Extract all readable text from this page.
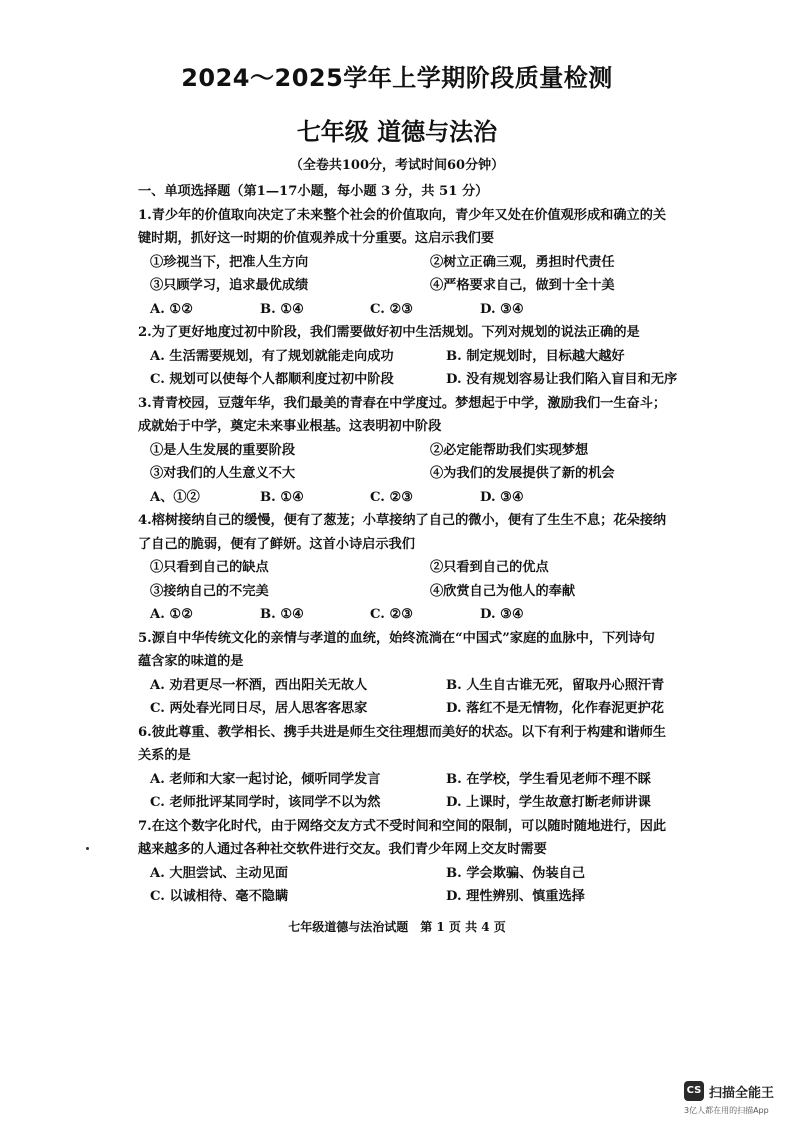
2024～2025学年上学期阶段质量检测
七年级 道德与法治
（全卷共100分，考试时间60分钟）
一、单项选择题（第1—17小题，每小题 3 分，共 51 分）
1.青少年的价值取向决定了未来整个社会的价值取向，青少年又处在价值观形成和确立的关
键时期，抓好这一时期的价值观养成十分重要。这启示我们要
①珍视当下，把准人生方向	②树立正确三观，勇担时代责任
③只顾学习，追求最优成绩	④严格要求自己，做到十全十美
A. ①②	B. ①④	C. ②③	D. ③④
2.为了更好地度过初中阶段，我们需要做好初中生活规划。下列对规划的说法正确的是
A. 生活需要规划，有了规划就能走向成功	B. 制定规划时，目标越大越好
C. 规划可以使每个人都顺利度过初中阶段	D. 没有规划容易让我们陷入盲目和无序
3.青青校园，豆蔻年华，我们最美的青春在中学度过。梦想起于中学，激励我们一生奋斗；
成就始于中学，奠定未来事业根基。这表明初中阶段
①是人生发展的重要阶段	②必定能帮助我们实现梦想
③对我们的人生意义不大	④为我们的发展提供了新的机会
A、①②	B. ①④	C. ②③	D. ③④
4.榕树接纳自己的缓慢，便有了葱茏；小草接纳了自己的微小，便有了生生不息；花朵接纳
了自己的脆弱，便有了鲜妍。这首小诗启示我们
①只看到自己的缺点	②只看到自己的优点
③接纳自己的不完美	④欣赏自己为他人的奉献
A. ①②	B. ①④	C. ②③	D. ③④
5.源自中华传统文化的亲情与孝道的血统，始终流淌在“中国式”家庭的血脉中，下列诗句
蕴含家的味道的是
A. 劝君更尽一杯酒，西出阳关无故人	B. 人生自古谁无死，留取丹心照汗青
C. 两处春光同日尽，居人思客客思家	D. 落红不是无情物，化作春泥更护花
6.彼此尊重、教学相长、携手共进是师生交往理想而美好的状态。以下有利于构建和谐师生
关系的是
A. 老师和大家一起讨论，倾听同学发言	B. 在学校，学生看见老师不理不睬
C. 老师批评某同学时，该同学不以为然	D. 上课时，学生故意打断老师讲课
7.在这个数字化时代，由于网络交友方式不受时间和空间的限制，可以随时随地进行，因此
越来越多的人通过各种社交软件进行交友。我们青少年网上交友时需要
A. 大胆尝试、主动见面	B. 学会欺骗、伪装自己
C. 以诚相待、毫不隐瞒	D. 理性辨别、慎重选择
七年级道德与法治试题　第 1 页 共 4 页
CS 扫描全能王
3亿人都在用的扫描App
